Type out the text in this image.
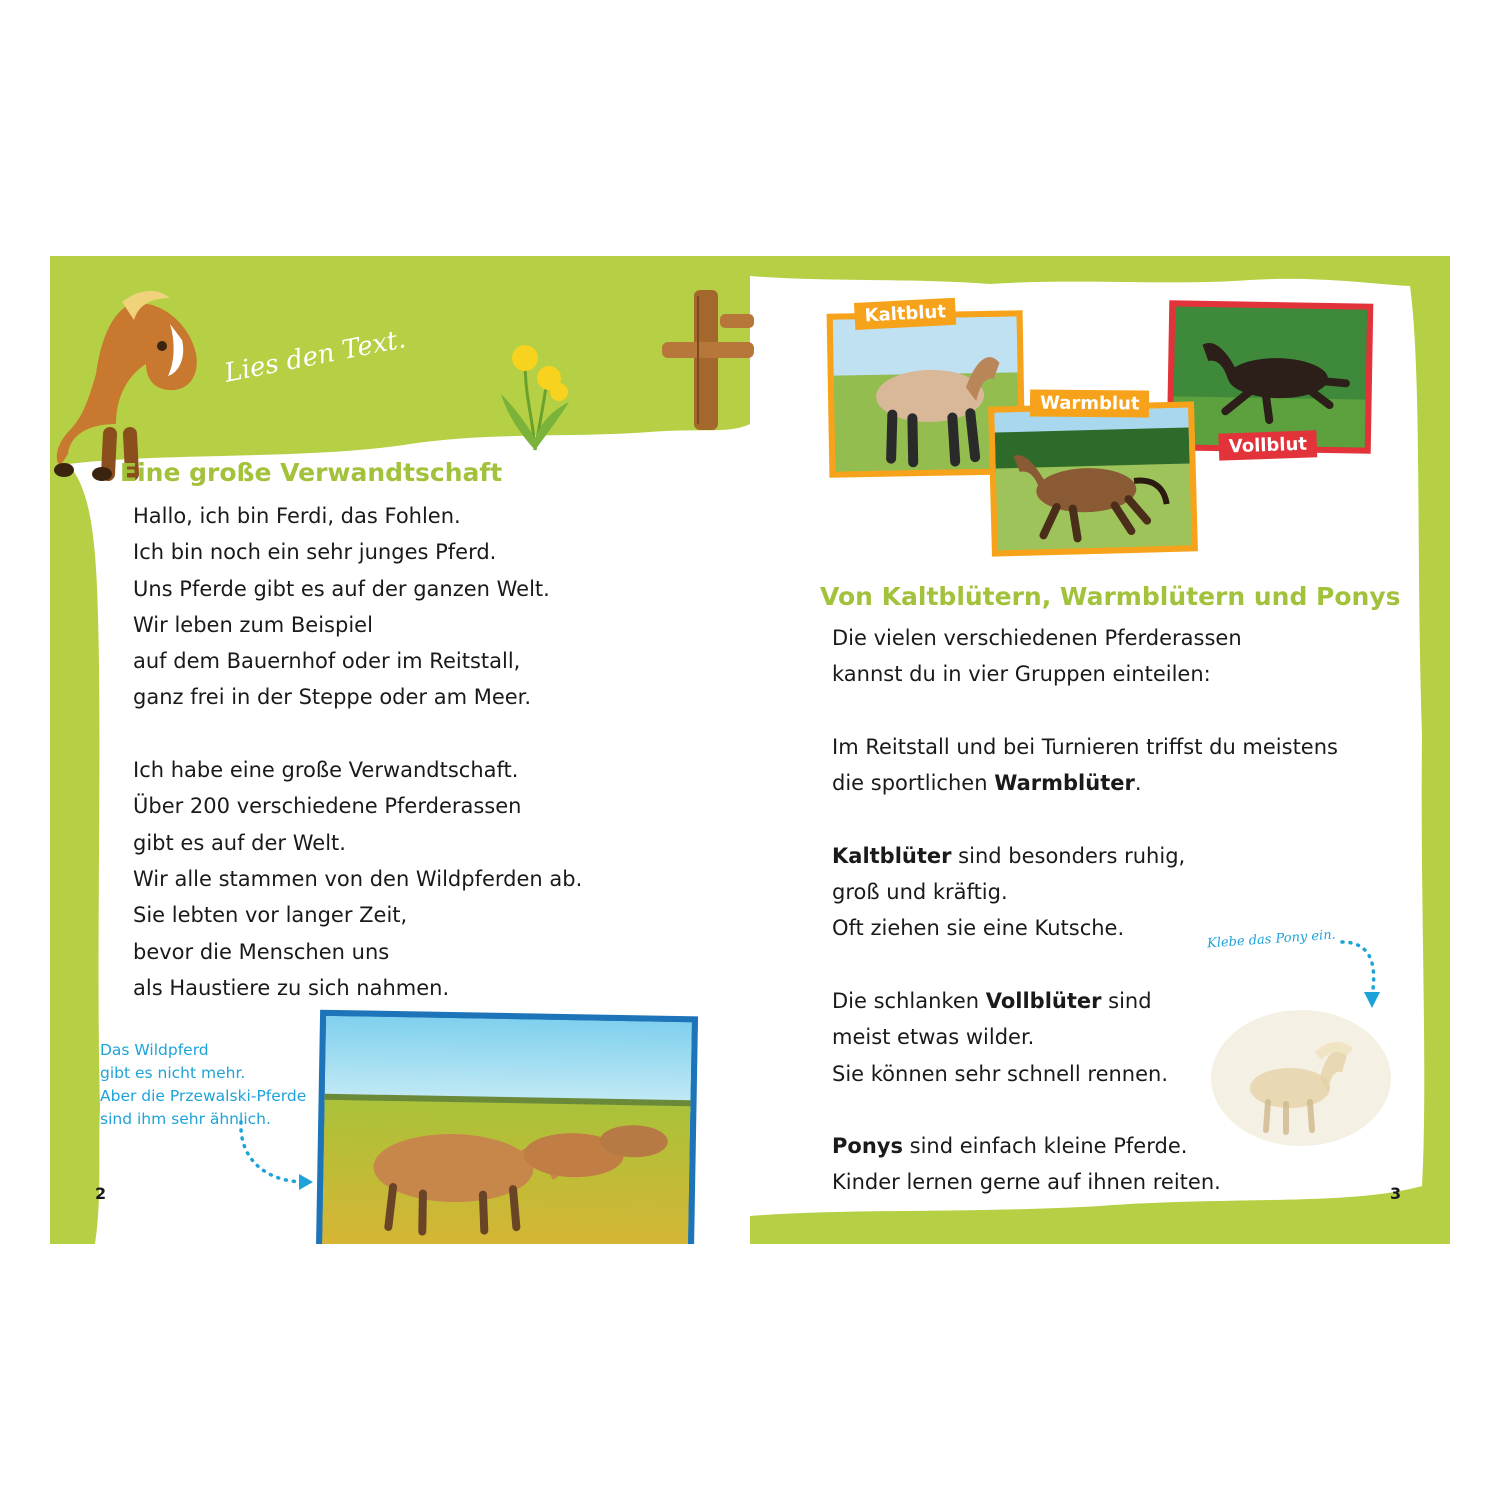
Lies den Text.
Eine große Verwandtschaft

Hallo, ich bin Ferdi, das Fohlen.

Ich bin noch ein sehr junges Pferd.

Uns Pferde gibt es auf der ganzen Welt.

Wir leben zum Beispiel

auf dem Bauernhof oder im Reitstall,

ganz frei in der Steppe oder am Meer.

Ich habe eine große Verwandtschaft.

Über 200 verschiedene Pferderassen

gibt es auf der Welt.

Wir alle stammen von den Wildpferden ab.

Sie lebten vor langer Zeit,

bevor die Menschen uns

als Haustiere zu sich nahmen.

Das Wildpferd

gibt es nicht mehr.

Aber die Przewalski-Pferde

sind ihm sehr ähnlich.

2	3
Kaltblut
Vollblut
Warmblut
Von Kaltblütern, Warmblütern und Ponys

Die vielen verschiedenen Pferderassen

kannst du in vier Gruppen einteilen:

Im Reitstall und bei Turnieren triffst du meistens

die sportlichen Warmblüter.

Kaltblüter sind besonders ruhig,

groß und kräftig.

Oft ziehen sie eine Kutsche.

Die schlanken Vollblüter sind

meist etwas wilder.

Sie können sehr schnell rennen.

Ponys sind einfach kleine Pferde.

Kinder lernen gerne auf ihnen reiten.

Klebe das Pony ein.
